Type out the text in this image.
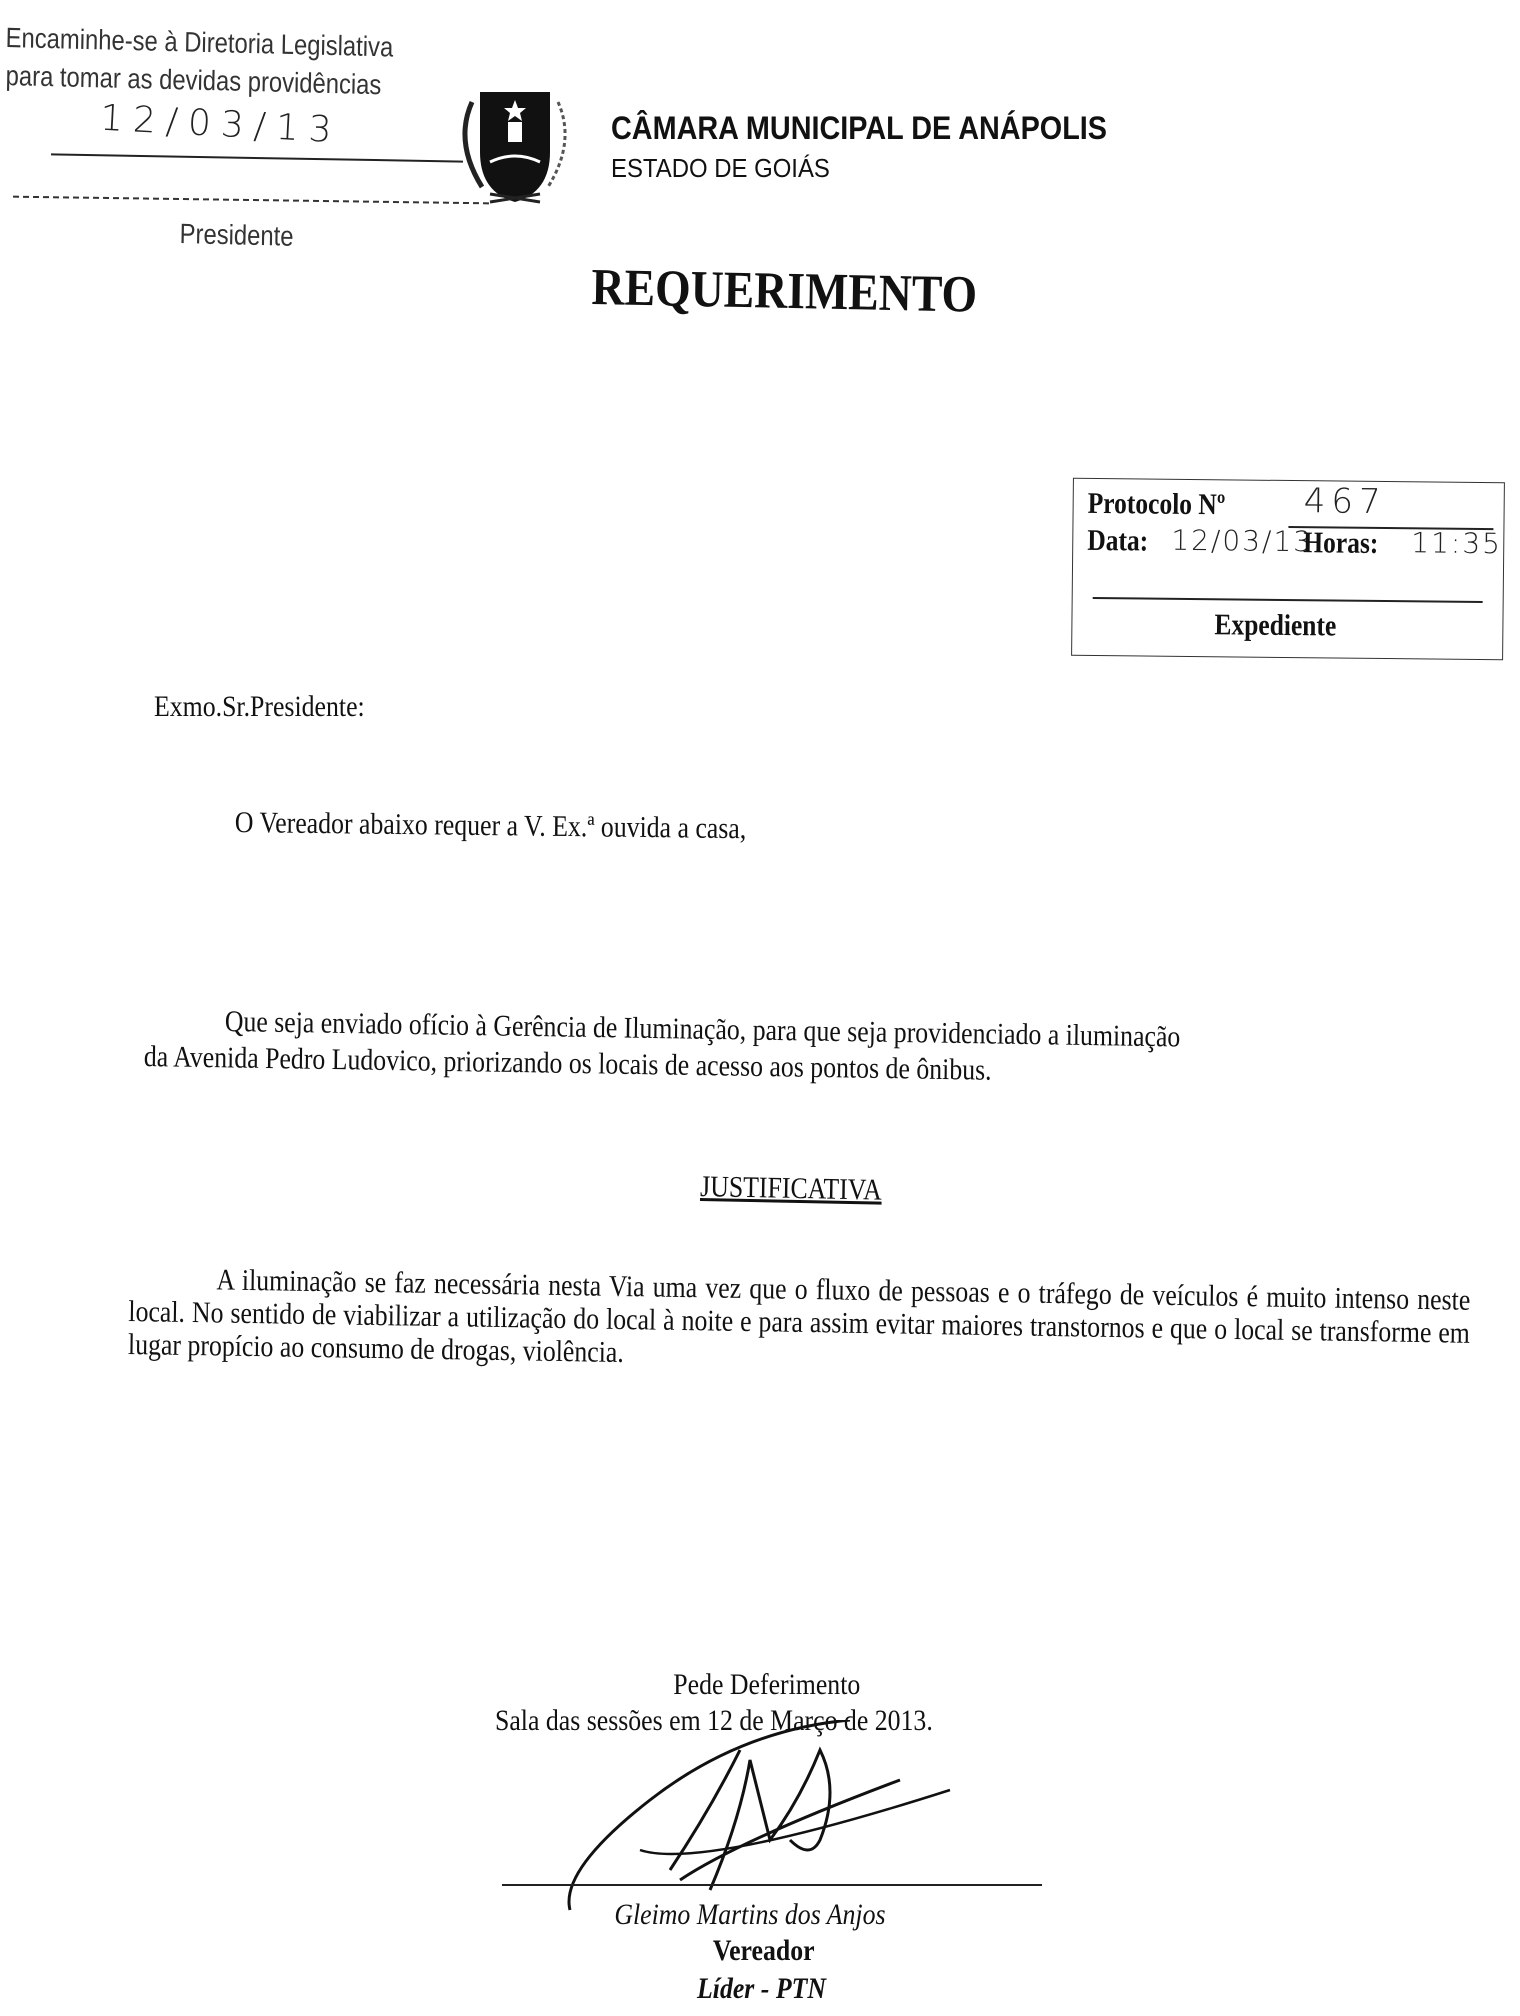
Encaminhe-se à Diretoria Legislativa
para tomar as devidas providências
12/03/13
Presidente
CÂMARA MUNICIPAL DE ANÁPOLIS
ESTADO DE GOIÁS
REQUERIMENTO
Protocolo Nº 467
Data: 12/03/13
Horas: 11:35
Expediente
Exmo.Sr.Presidente:
O Vereador abaixo requer a V. Ex.ª ouvida a casa,
Que seja enviado ofício à Gerência de Iluminação, para que seja providenciado a iluminação
da Avenida Pedro Ludovico, priorizando os locais de acesso aos pontos de ônibus.
JUSTIFICATIVA

A iluminação se faz necessária nesta Via uma vez que o fluxo de pessoas e o tráfego de veículos é muito intenso neste local. No sentido de viabilizar a utilização do local à noite e para assim evitar maiores transtornos e que o local se transforme em lugar propício ao consumo de drogas, violência.

Pede Deferimento
Sala das sessões em 12 de Março de 2013.
Gleimo Martins dos Anjos
Vereador
Líder - PTN
